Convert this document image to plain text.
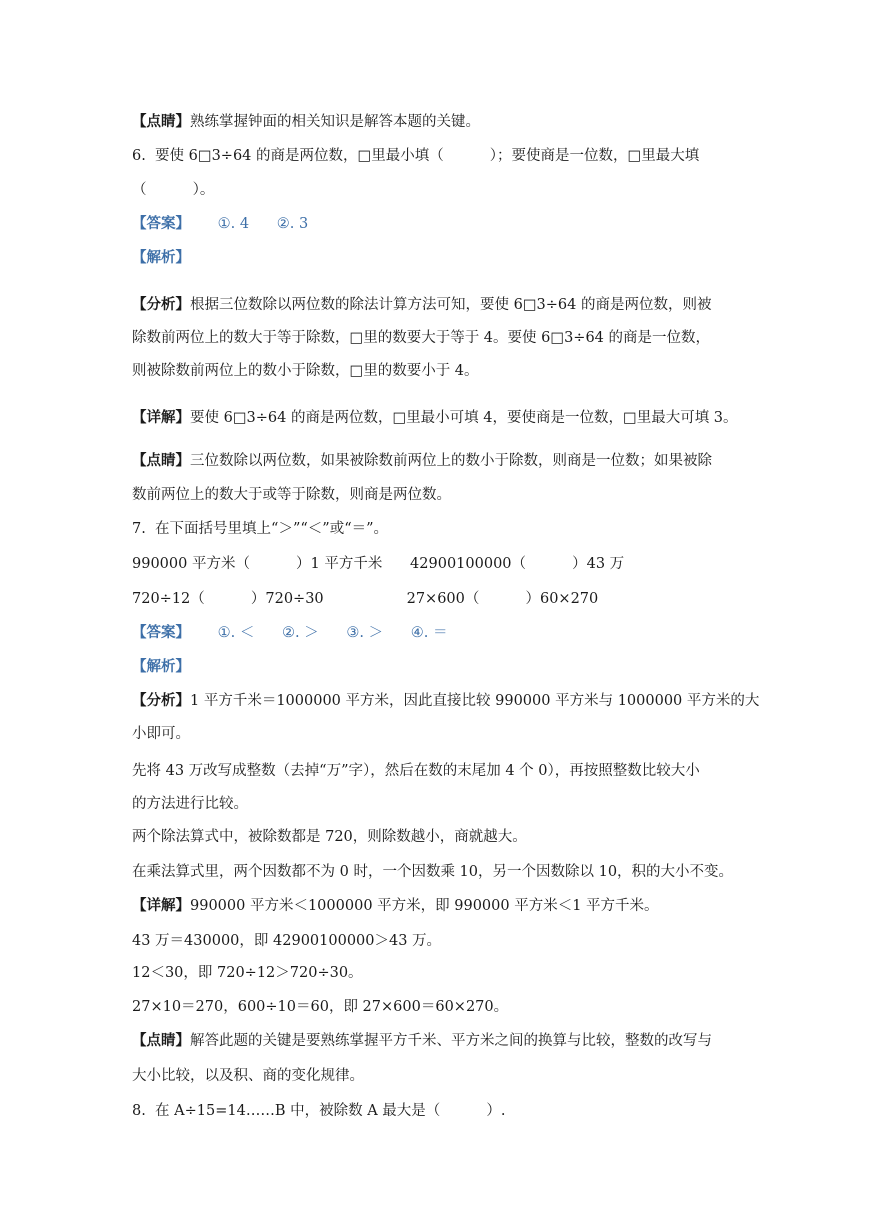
【点睛】熟练掌握钟面的相关知识是解答本题的关键。
6.  要使 6□3÷64 的商是两位数，□里最小填（          ）；要使商是一位数，□里最大填
（          ）。
【答案】      ①. 4      ②. 3
【解析】
【分析】根据三位数除以两位数的除法计算方法可知，要使 6□3÷64 的商是两位数，则被
除数前两位上的数大于等于除数，□里的数要大于等于 4。要使 6□3÷64 的商是一位数，
则被除数前两位上的数小于除数，□里的数要小于 4。
【详解】要使 6□3÷64 的商是两位数，□里最小可填 4，要使商是一位数，□里最大可填 3。
【点睛】三位数除以两位数，如果被除数前两位上的数小于除数，则商是一位数；如果被除
数前两位上的数大于或等于除数，则商是两位数。
7.  在下面括号里填上“＞”“＜”或“＝”。
990000 平方米（          ）1 平方千米      42900100000（          ）43 万
720÷12（          ）720÷30                  27×600（          ）60×270
【答案】      ①. ＜      ②. ＞      ③. ＞      ④. ＝
【解析】
【分析】1 平方千米＝1000000 平方米，因此直接比较 990000 平方米与 1000000 平方米的大
小即可。
先将 43 万改写成整数（去掉“万”字），然后在数的末尾加 4 个 0），再按照整数比较大小
的方法进行比较。
两个除法算式中，被除数都是 720，则除数越小，商就越大。
在乘法算式里，两个因数都不为 0 时，一个因数乘 10，另一个因数除以 10，积的大小不变。
【详解】990000 平方米＜1000000 平方米，即 990000 平方米＜1 平方千米。
43 万＝430000，即 42900100000＞43 万。
12＜30，即 720÷12＞720÷30。
27×10＝270，600÷10＝60，即 27×600＝60×270。
【点睛】解答此题的关键是要熟练掌握平方千米、平方米之间的换算与比较，整数的改写与
大小比较，以及积、商的变化规律。
8.  在 A÷15=14……B 中，被除数 A 最大是（          ）.
